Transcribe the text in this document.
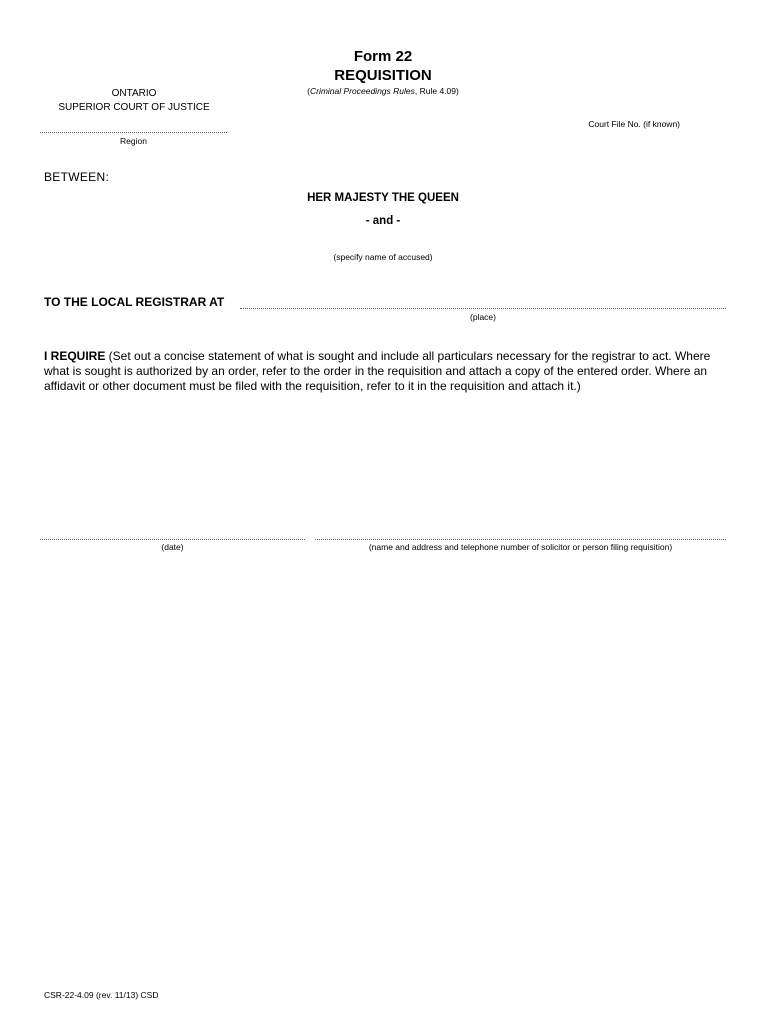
Form 22
REQUISITION
(Criminal Proceedings Rules, Rule 4.09)
ONTARIO
SUPERIOR COURT OF JUSTICE
Region
Court File No. (if known)
BETWEEN:
HER MAJESTY THE QUEEN
- and -
(specify name of accused)
TO THE LOCAL REGISTRAR AT
(place)
I REQUIRE (Set out a concise statement of what is sought and include all particulars necessary for the registrar to act. Where what is sought is authorized by an order, refer to the order in the requisition and attach a copy of the entered order. Where an affidavit or other document must be filed with the requisition, refer to it in the requisition and attach it.)
(date)	(name and address and telephone number of solicitor or person filing requisition)
CSR-22-4.09 (rev. 11/13) CSD
